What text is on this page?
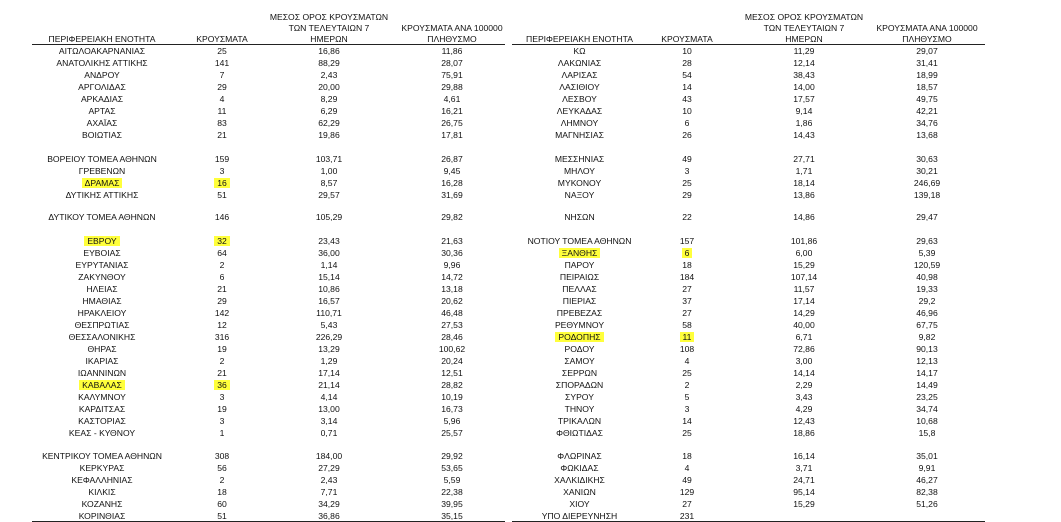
ΠΕΡΙΦΕΡΕΙΑΚΗ ΕΝΟΤΗΤΑ	ΚΡΟΥΣΜΑΤΑ
ΜΕΣΟΣ ΟΡΟΣ ΚΡΟΥΣΜΑΤΩΝ
ΤΩΝ ΤΕΛΕΥΤΑΙΩΝ 7
ΗΜΕΡΩΝ
ΚΡΟΥΣΜΑΤΑ ΑΝΑ 100000
ΠΛΗΘΥΣΜΟ
ΑΙΤΩΛΟΑΚΑΡΝΑΝΙΑΣ	25	16,86	11,86
ΑΝΑΤΟΛΙΚΗΣ ΑΤΤΙΚΗΣ	141	88,29	28,07
ΑΝΔΡΟΥ	7	2,43	75,91
ΑΡΓΟΛΙΔΑΣ	29	20,00	29,88
ΑΡΚΑΔΙΑΣ	4	8,29	4,61
ΑΡΤΑΣ	11	6,29	16,21
ΑΧΑΪΑΣ	83	62,29	26,75
ΒΟΙΩΤΙΑΣ	21	19,86	17,81
ΒΟΡΕΙΟΥ ΤΟΜΕΑ ΑΘΗΝΩΝ	159	103,71	26,87
ΓΡΕΒΕΝΩΝ	3	1,00	9,45
ΔΡΑΜΑΣ	16	8,57	16,28
ΔΥΤΙΚΗΣ ΑΤΤΙΚΗΣ	51	29,57	31,69
ΔΥΤΙΚΟΥ ΤΟΜΕΑ ΑΘΗΝΩΝ	146	105,29	29,82
ΕΒΡΟΥ	32	23,43	21,63
ΕΥΒΟΙΑΣ	64	36,00	30,36
ΕΥΡΥΤΑΝΙΑΣ	2	1,14	9,96
ΖΑΚΥΝΘΟΥ	6	15,14	14,72
ΗΛΕΙΑΣ	21	10,86	13,18
ΗΜΑΘΙΑΣ	29	16,57	20,62
ΗΡΑΚΛΕΙΟΥ	142	110,71	46,48
ΘΕΣΠΡΩΤΙΑΣ	12	5,43	27,53
ΘΕΣΣΑΛΟΝΙΚΗΣ	316	226,29	28,46
ΘΗΡΑΣ	19	13,29	100,62
ΙΚΑΡΙΑΣ	2	1,29	20,24
ΙΩΑΝΝΙΝΩΝ	21	17,14	12,51
ΚΑΒΑΛΑΣ	36	21,14	28,82
ΚΑΛΥΜΝΟΥ	3	4,14	10,19
ΚΑΡΔΙΤΣΑΣ	19	13,00	16,73
ΚΑΣΤΟΡΙΑΣ	3	3,14	5,96
ΚΕΑΣ - ΚΥΘΝΟΥ	1	0,71	25,57
ΚΕΝΤΡΙΚΟΥ ΤΟΜΕΑ ΑΘΗΝΩΝ	308	184,00	29,92
ΚΕΡΚΥΡΑΣ	56	27,29	53,65
ΚΕΦΑΛΛΗΝΙΑΣ	2	2,43	5,59
ΚΙΛΚΙΣ	18	7,71	22,38
ΚΟΖΑΝΗΣ	60	34,29	39,95
ΚΟΡΙΝΘΙΑΣ	51	36,86	35,15
ΠΕΡΙΦΕΡΕΙΑΚΗ ΕΝΟΤΗΤΑ	ΚΡΟΥΣΜΑΤΑ
ΜΕΣΟΣ ΟΡΟΣ ΚΡΟΥΣΜΑΤΩΝ
ΤΩΝ ΤΕΛΕΥΤΑΙΩΝ 7
ΗΜΕΡΩΝ
ΚΡΟΥΣΜΑΤΑ ΑΝΑ 100000
ΠΛΗΘΥΣΜΟ
ΚΩ	10	11,29	29,07
ΛΑΚΩΝΙΑΣ	28	12,14	31,41
ΛΑΡΙΣΑΣ	54	38,43	18,99
ΛΑΣΙΘΙΟΥ	14	14,00	18,57
ΛΕΣΒΟΥ	43	17,57	49,75
ΛΕΥΚΑΔΑΣ	10	9,14	42,21
ΛΗΜΝΟΥ	6	1,86	34,76
ΜΑΓΝΗΣΙΑΣ	26	14,43	13,68
ΜΕΣΣΗΝΙΑΣ	49	27,71	30,63
ΜΗΛΟΥ	3	1,71	30,21
ΜΥΚΟΝΟΥ	25	18,14	246,69
ΝΑΞΟΥ	29	13,86	139,18
ΝΗΣΩΝ	22	14,86	29,47
ΝΟΤΙΟΥ ΤΟΜΕΑ ΑΘΗΝΩΝ	157	101,86	29,63
ΞΑΝΘΗΣ	6	6,00	5,39
ΠΑΡΟΥ	18	15,29	120,59
ΠΕΙΡΑΙΩΣ	184	107,14	40,98
ΠΕΛΛΑΣ	27	11,57	19,33
ΠΙΕΡΙΑΣ	37	17,14	29,2
ΠΡΕΒΕΖΑΣ	27	14,29	46,96
ΡΕΘΥΜΝΟΥ	58	40,00	67,75
ΡΟΔΟΠΗΣ	11	6,71	9,82
ΡΟΔΟΥ	108	72,86	90,13
ΣΑΜΟΥ	4	3,00	12,13
ΣΕΡΡΩΝ	25	14,14	14,17
ΣΠΟΡΑΔΩΝ	2	2,29	14,49
ΣΥΡΟΥ	5	3,43	23,25
ΤΗΝΟΥ	3	4,29	34,74
ΤΡΙΚΑΛΩΝ	14	12,43	10,68
ΦΘΙΩΤΙΔΑΣ	25	18,86	15,8
ΦΛΩΡΙΝΑΣ	18	16,14	35,01
ΦΩΚΙΔΑΣ	4	3,71	9,91
ΧΑΛΚΙΔΙΚΗΣ	49	24,71	46,27
ΧΑΝΙΩΝ	129	95,14	82,38
ΧΙΟΥ	27	15,29	51,26
ΥΠΟ ΔΙΕΡΕΥΝΗΣΗ	231
